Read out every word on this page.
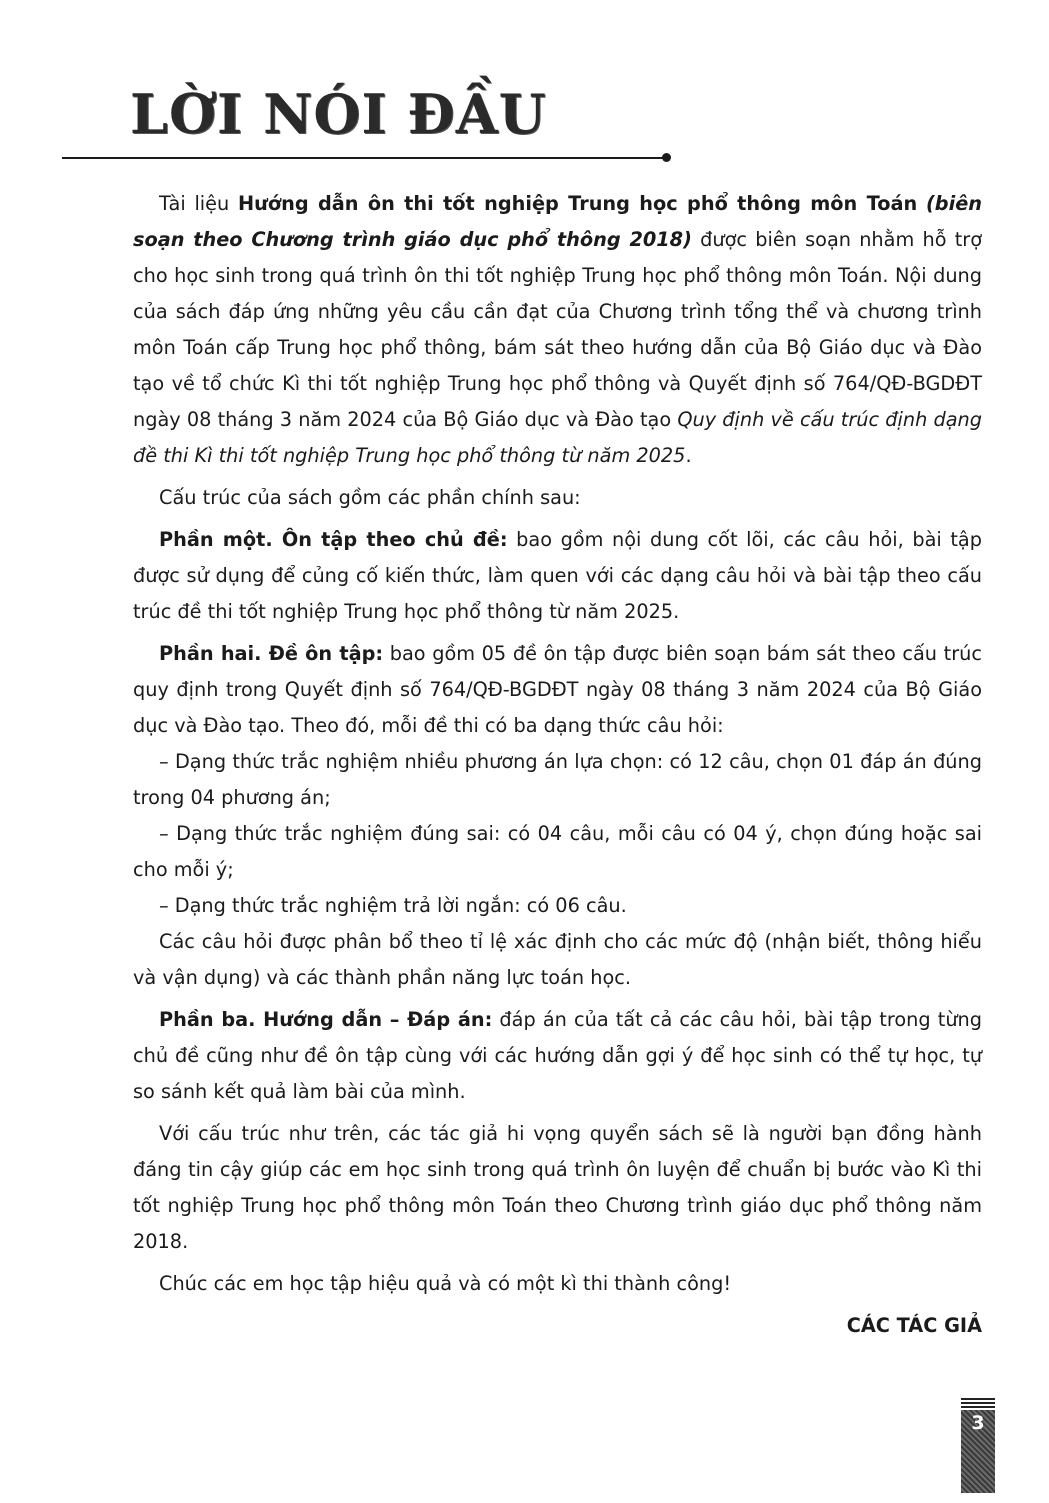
LỜI NÓI ĐẦU

Tài liệu Hướng dẫn ôn thi tốt nghiệp Trung học phổ thông môn Toán (biên soạn theo Chương trình giáo dục phổ thông 2018) được biên soạn nhằm hỗ trợ cho học sinh trong quá trình ôn thi tốt nghiệp Trung học phổ thông môn Toán. Nội dung của sách đáp ứng những yêu cầu cần đạt của Chương trình tổng thể và chương trình môn Toán cấp Trung học phổ thông, bám sát theo hướng dẫn của Bộ Giáo dục và Đào tạo về tổ chức Kì thi tốt nghiệp Trung học phổ thông và Quyết định số 764/QĐ-BGDĐT ngày 08 tháng 3 năm 2024 của Bộ Giáo dục và Đào tạo Quy định về cấu trúc định dạng đề thi Kì thi tốt nghiệp Trung học phổ thông từ năm 2025.

Cấu trúc của sách gồm các phần chính sau:

Phần một. Ôn tập theo chủ đề: bao gồm nội dung cốt lõi, các câu hỏi, bài tập được sử dụng để củng cố kiến thức, làm quen với các dạng câu hỏi và bài tập theo cấu trúc đề thi tốt nghiệp Trung học phổ thông từ năm 2025.

Phần hai. Đề ôn tập: bao gồm 05 đề ôn tập được biên soạn bám sát theo cấu trúc quy định trong Quyết định số 764/QĐ-BGDĐT ngày 08 tháng 3 năm 2024 của Bộ Giáo dục và Đào tạo. Theo đó, mỗi đề thi có ba dạng thức câu hỏi:

– Dạng thức trắc nghiệm nhiều phương án lựa chọn: có 12 câu, chọn 01 đáp án đúng trong 04 phương án;

– Dạng thức trắc nghiệm đúng sai: có 04 câu, mỗi câu có 04 ý, chọn đúng hoặc sai cho mỗi ý;

– Dạng thức trắc nghiệm trả lời ngắn: có 06 câu.

Các câu hỏi được phân bổ theo tỉ lệ xác định cho các mức độ (nhận biết, thông hiểu và vận dụng) và các thành phần năng lực toán học.

Phần ba. Hướng dẫn – Đáp án: đáp án của tất cả các câu hỏi, bài tập trong từng chủ đề cũng như đề ôn tập cùng với các hướng dẫn gợi ý để học sinh có thể tự học, tự so sánh kết quả làm bài của mình.

Với cấu trúc như trên, các tác giả hi vọng quyển sách sẽ là người bạn đồng hành đáng tin cậy giúp các em học sinh trong quá trình ôn luyện để chuẩn bị bước vào Kì thi tốt nghiệp Trung học phổ thông môn Toán theo Chương trình giáo dục phổ thông năm 2018.

Chúc các em học tập hiệu quả và có một kì thi thành công!

CÁC TÁC GIẢ

3
